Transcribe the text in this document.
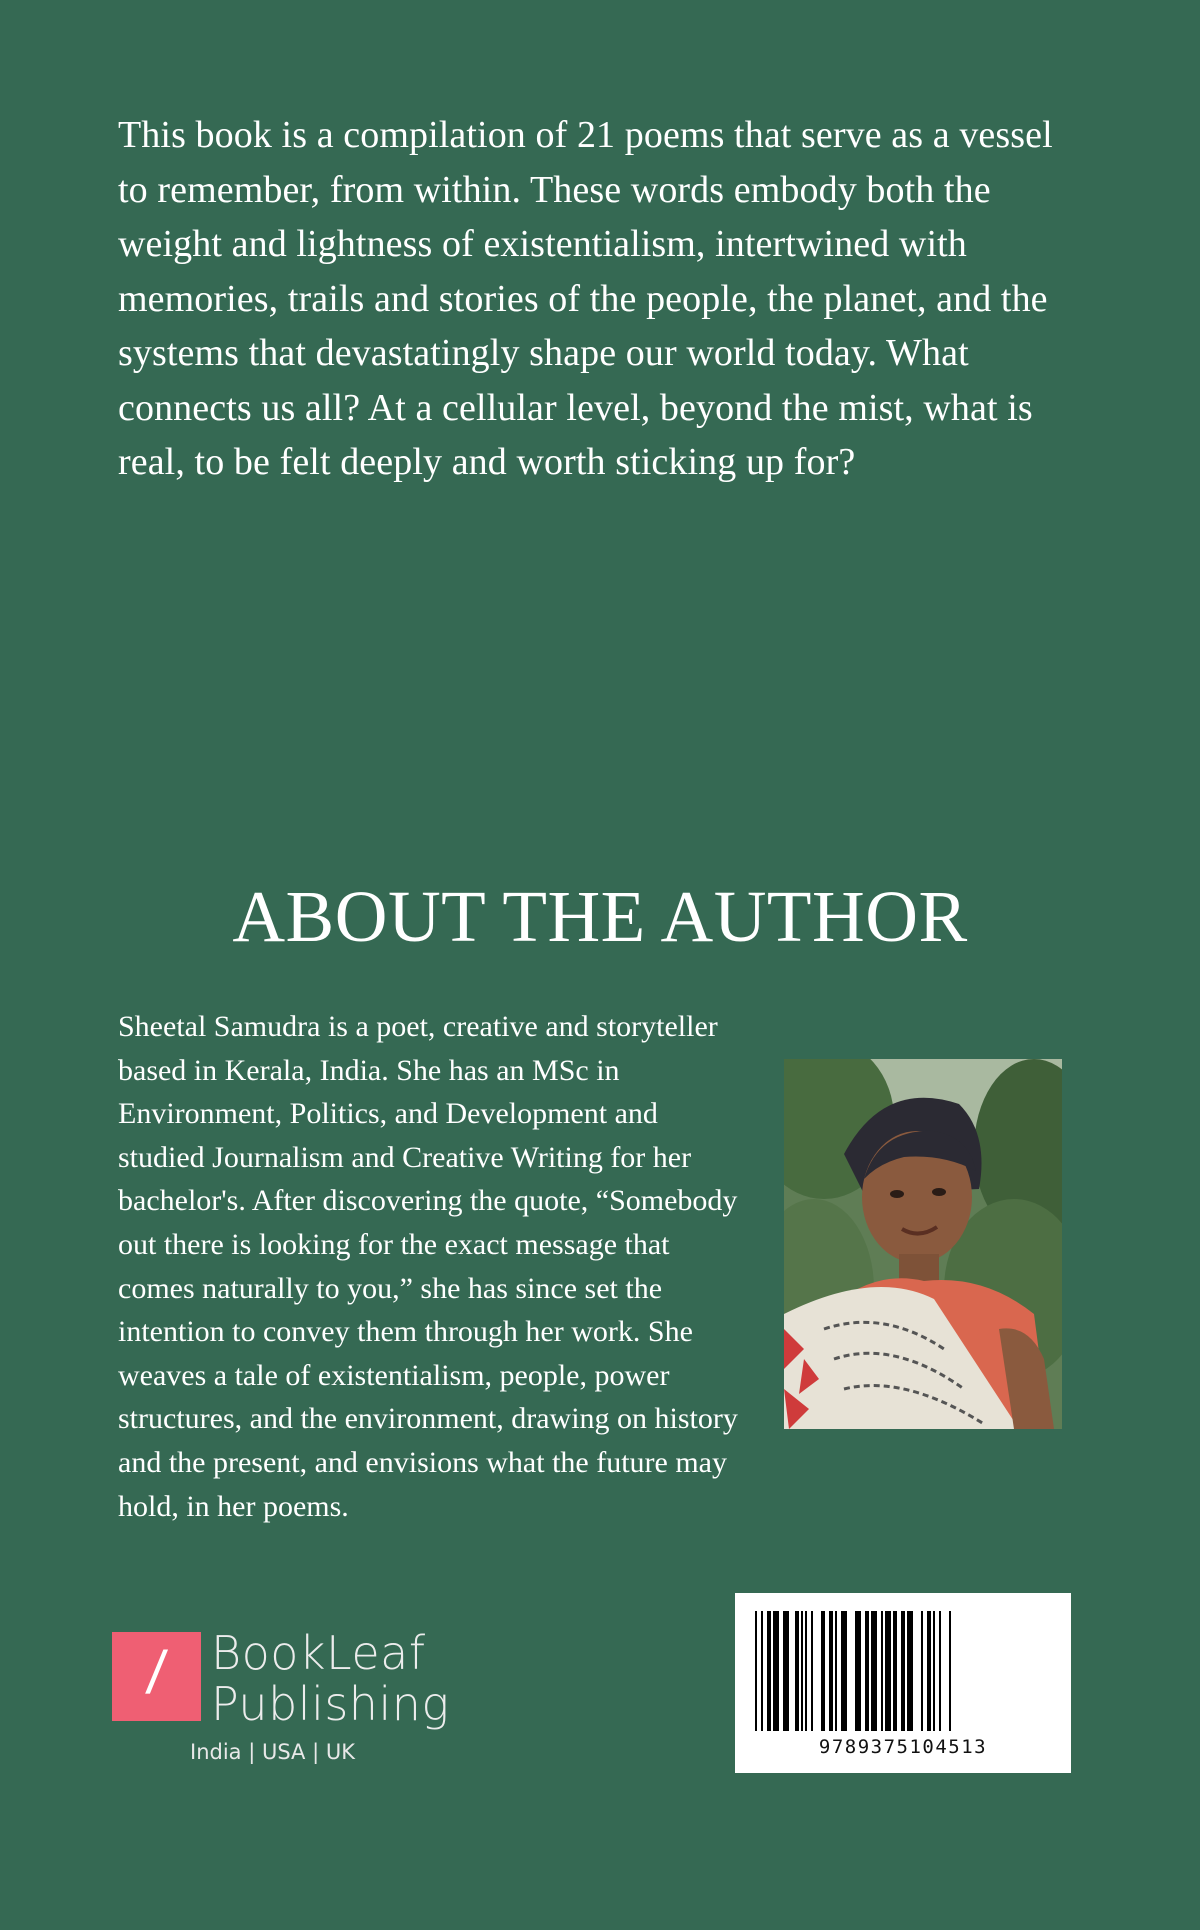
This book is a compilation of 21 poems that serve as a vessel to remember, from within. These words embody both the weight and lightness of existentialism, intertwined with memories, trails and stories of the people, the planet, and the systems that devastatingly shape our world today. What connects us all? At a cellular level, beyond the mist, what is real, to be felt deeply and worth sticking up for?

ABOUT THE AUTHOR

Sheetal Samudra is a poet, creative and storyteller based in Kerala, India. She has an MSc in Environment, Politics, and Development and studied Journalism and Creative Writing for her bachelor's. After discovering the quote, “Somebody out there is looking for the exact message that comes naturally to you,” she has since set the intention to convey them through her work. She weaves a tale of existentialism, people, power structures, and the environment, drawing on history and the present, and envisions what the future may hold, in her poems.

9789375104513
/ BookLeaf
Publishing
India | USA | UK
